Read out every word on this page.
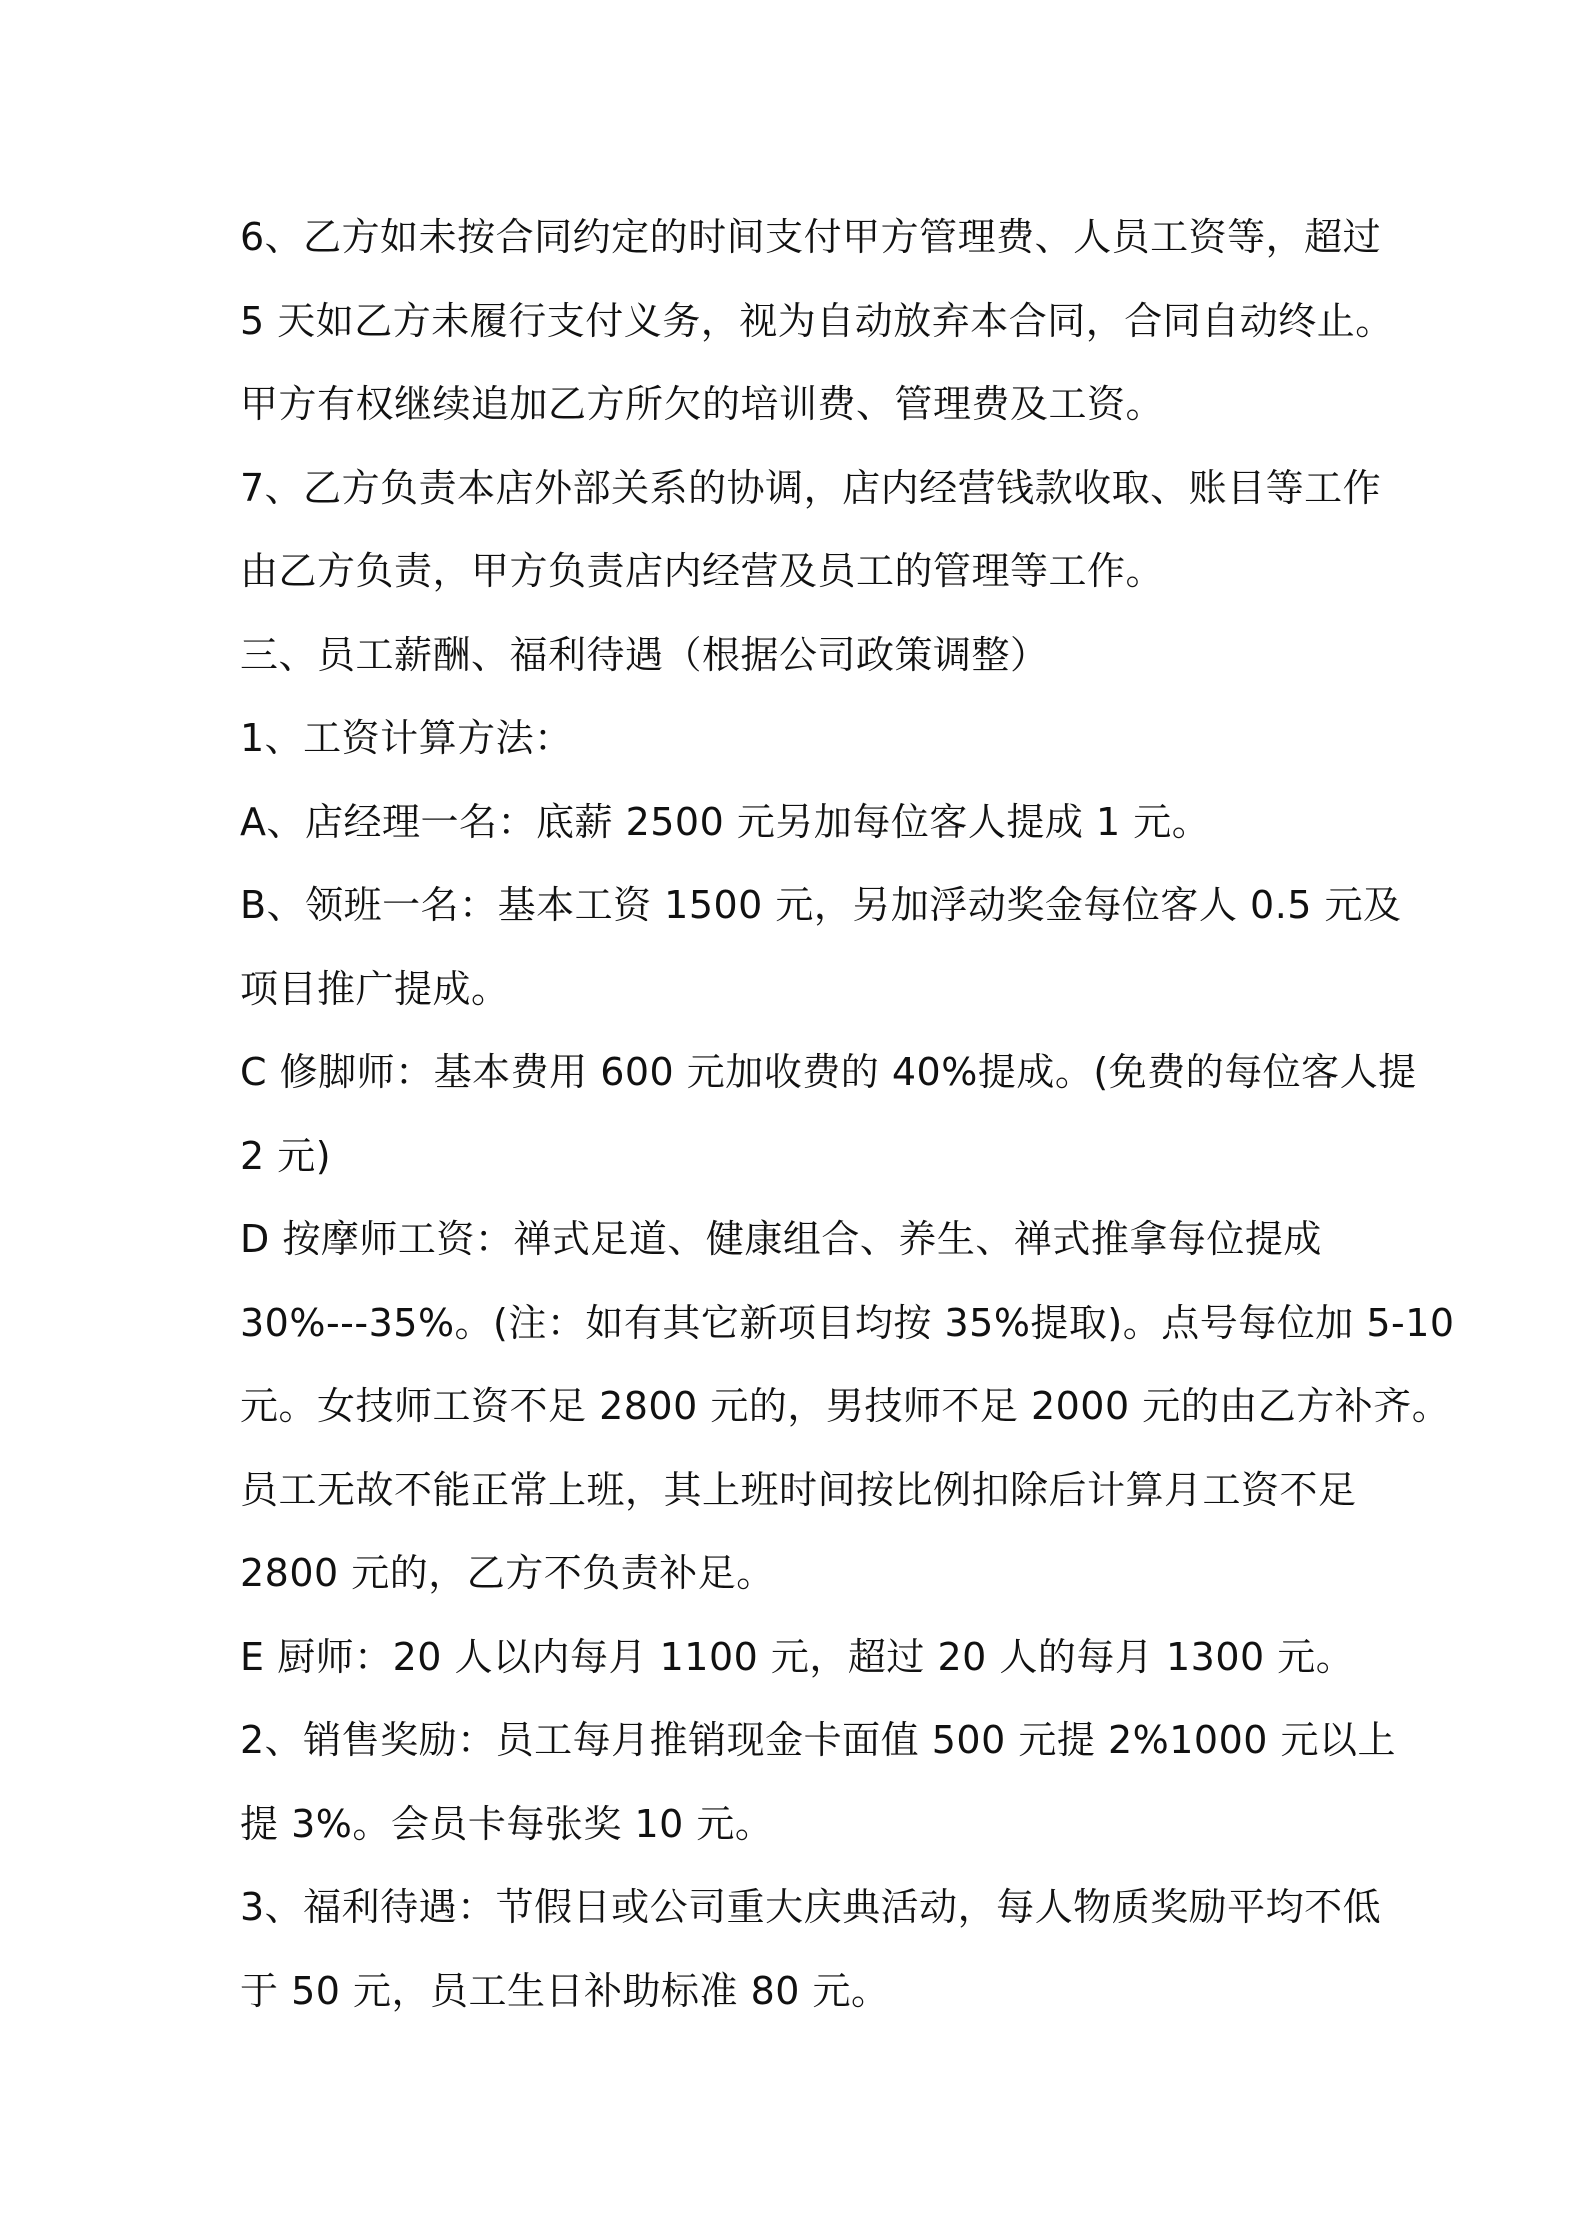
6、乙方如未按合同约定的时间支付甲方管理费、人员工资等，超过
5 天如乙方未履行支付义务，视为自动放弃本合同，合同自动终止。
甲方有权继续追加乙方所欠的培训费、管理费及工资。
7、乙方负责本店外部关系的协调，店内经营钱款收取、账目等工作
由乙方负责，甲方负责店内经营及员工的管理等工作。
三、员工薪酬、福利待遇（根据公司政策调整）
1、工资计算方法：
A、店经理一名：底薪 2500 元另加每位客人提成 1 元。
B、领班一名：基本工资 1500 元，另加浮动奖金每位客人 0.5 元及
项目推广提成。
C 修脚师：基本费用 600 元加收费的 40%提成。(免费的每位客人提
2 元)
D 按摩师工资：禅式足道、健康组合、养生、禅式推拿每位提成
30%---35%。(注：如有其它新项目均按 35%提取)。点号每位加 5-10
元。女技师工资不足 2800 元的，男技师不足 2000 元的由乙方补齐。
员工无故不能正常上班，其上班时间按比例扣除后计算月工资不足
2800 元的，乙方不负责补足。
E 厨师：20 人以内每月 1100 元，超过 20 人的每月 1300 元。
2、销售奖励：员工每月推销现金卡面值 500 元提 2%1000 元以上
提 3%。会员卡每张奖 10 元。
3、福利待遇：节假日或公司重大庆典活动，每人物质奖励平均不低
于 50 元，员工生日补助标准 80 元。
